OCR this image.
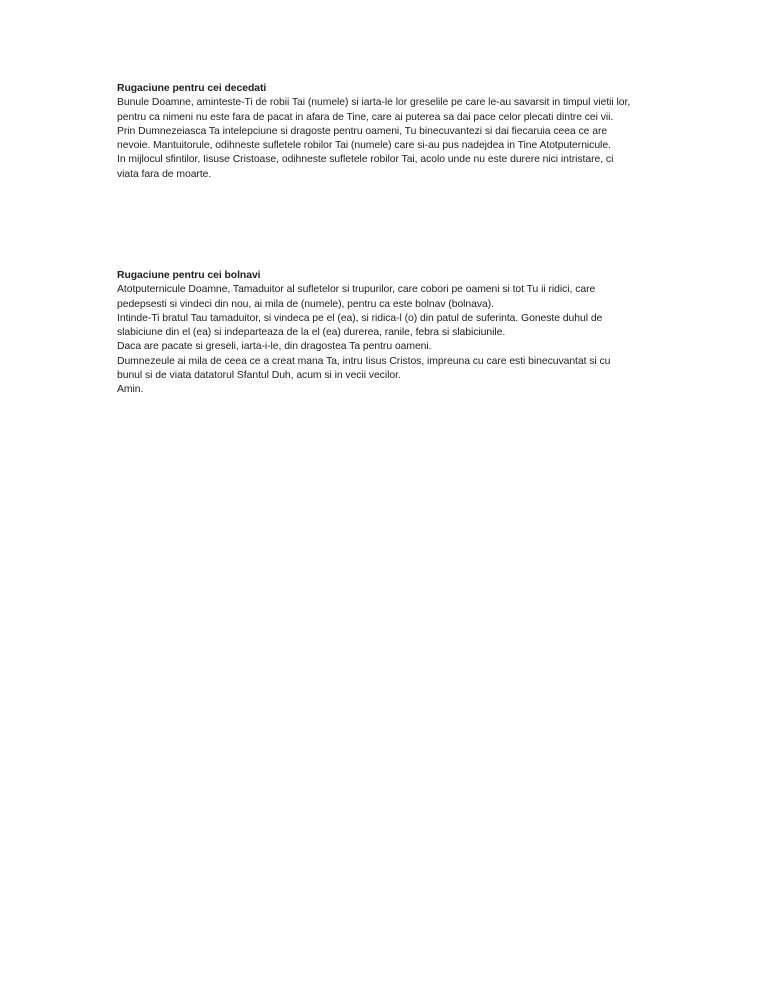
Rugaciune pentru cei decedati

Bunule Doamne, aminteste-Ti de robii Tai (numele) si iarta-le lor greselile pe care le-au savarsit in timpul vietii lor,

pentru ca nimeni nu este fara de pacat in afara de Tine, care ai puterea sa dai pace celor plecati dintre cei vii.

Prin Dumnezeiasca Ta intelepciune si dragoste pentru oameni, Tu binecuvantezi si dai fiecaruia ceea ce are

nevoie. Mantuitorule, odihneste sufletele robilor Tai (numele) care si-au pus nadejdea in Tine Atotputernicule.

In mijlocul sfintilor, Iisuse Cristoase, odihneste sufletele robilor Tai, acolo unde nu este durere nici intristare, ci

viata fara de moarte.

Rugaciune pentru cei bolnavi

Atotputernicule Doamne, Tamaduitor al sufletelor si trupurilor, care cobori pe oameni si tot Tu ii ridici, care

pedepsesti si vindeci din nou, ai mila de (numele), pentru ca este bolnav (bolnava).

Intinde-Ti bratul Tau tamaduitor, si vindeca pe el (ea), si ridica-l (o) din patul de suferinta. Goneste duhul de

slabiciune din el (ea) si indeparteaza de la el (ea) durerea, ranile, febra si slabiciunile.

Daca are pacate si greseli, iarta-i-le, din dragostea Ta pentru oameni.

Dumnezeule ai mila de ceea ce a creat mana Ta, intru Iisus Cristos, impreuna cu care esti binecuvantat si cu

bunul si de viata datatorul Sfantul Duh, acum si in vecii vecilor.

Amin.
